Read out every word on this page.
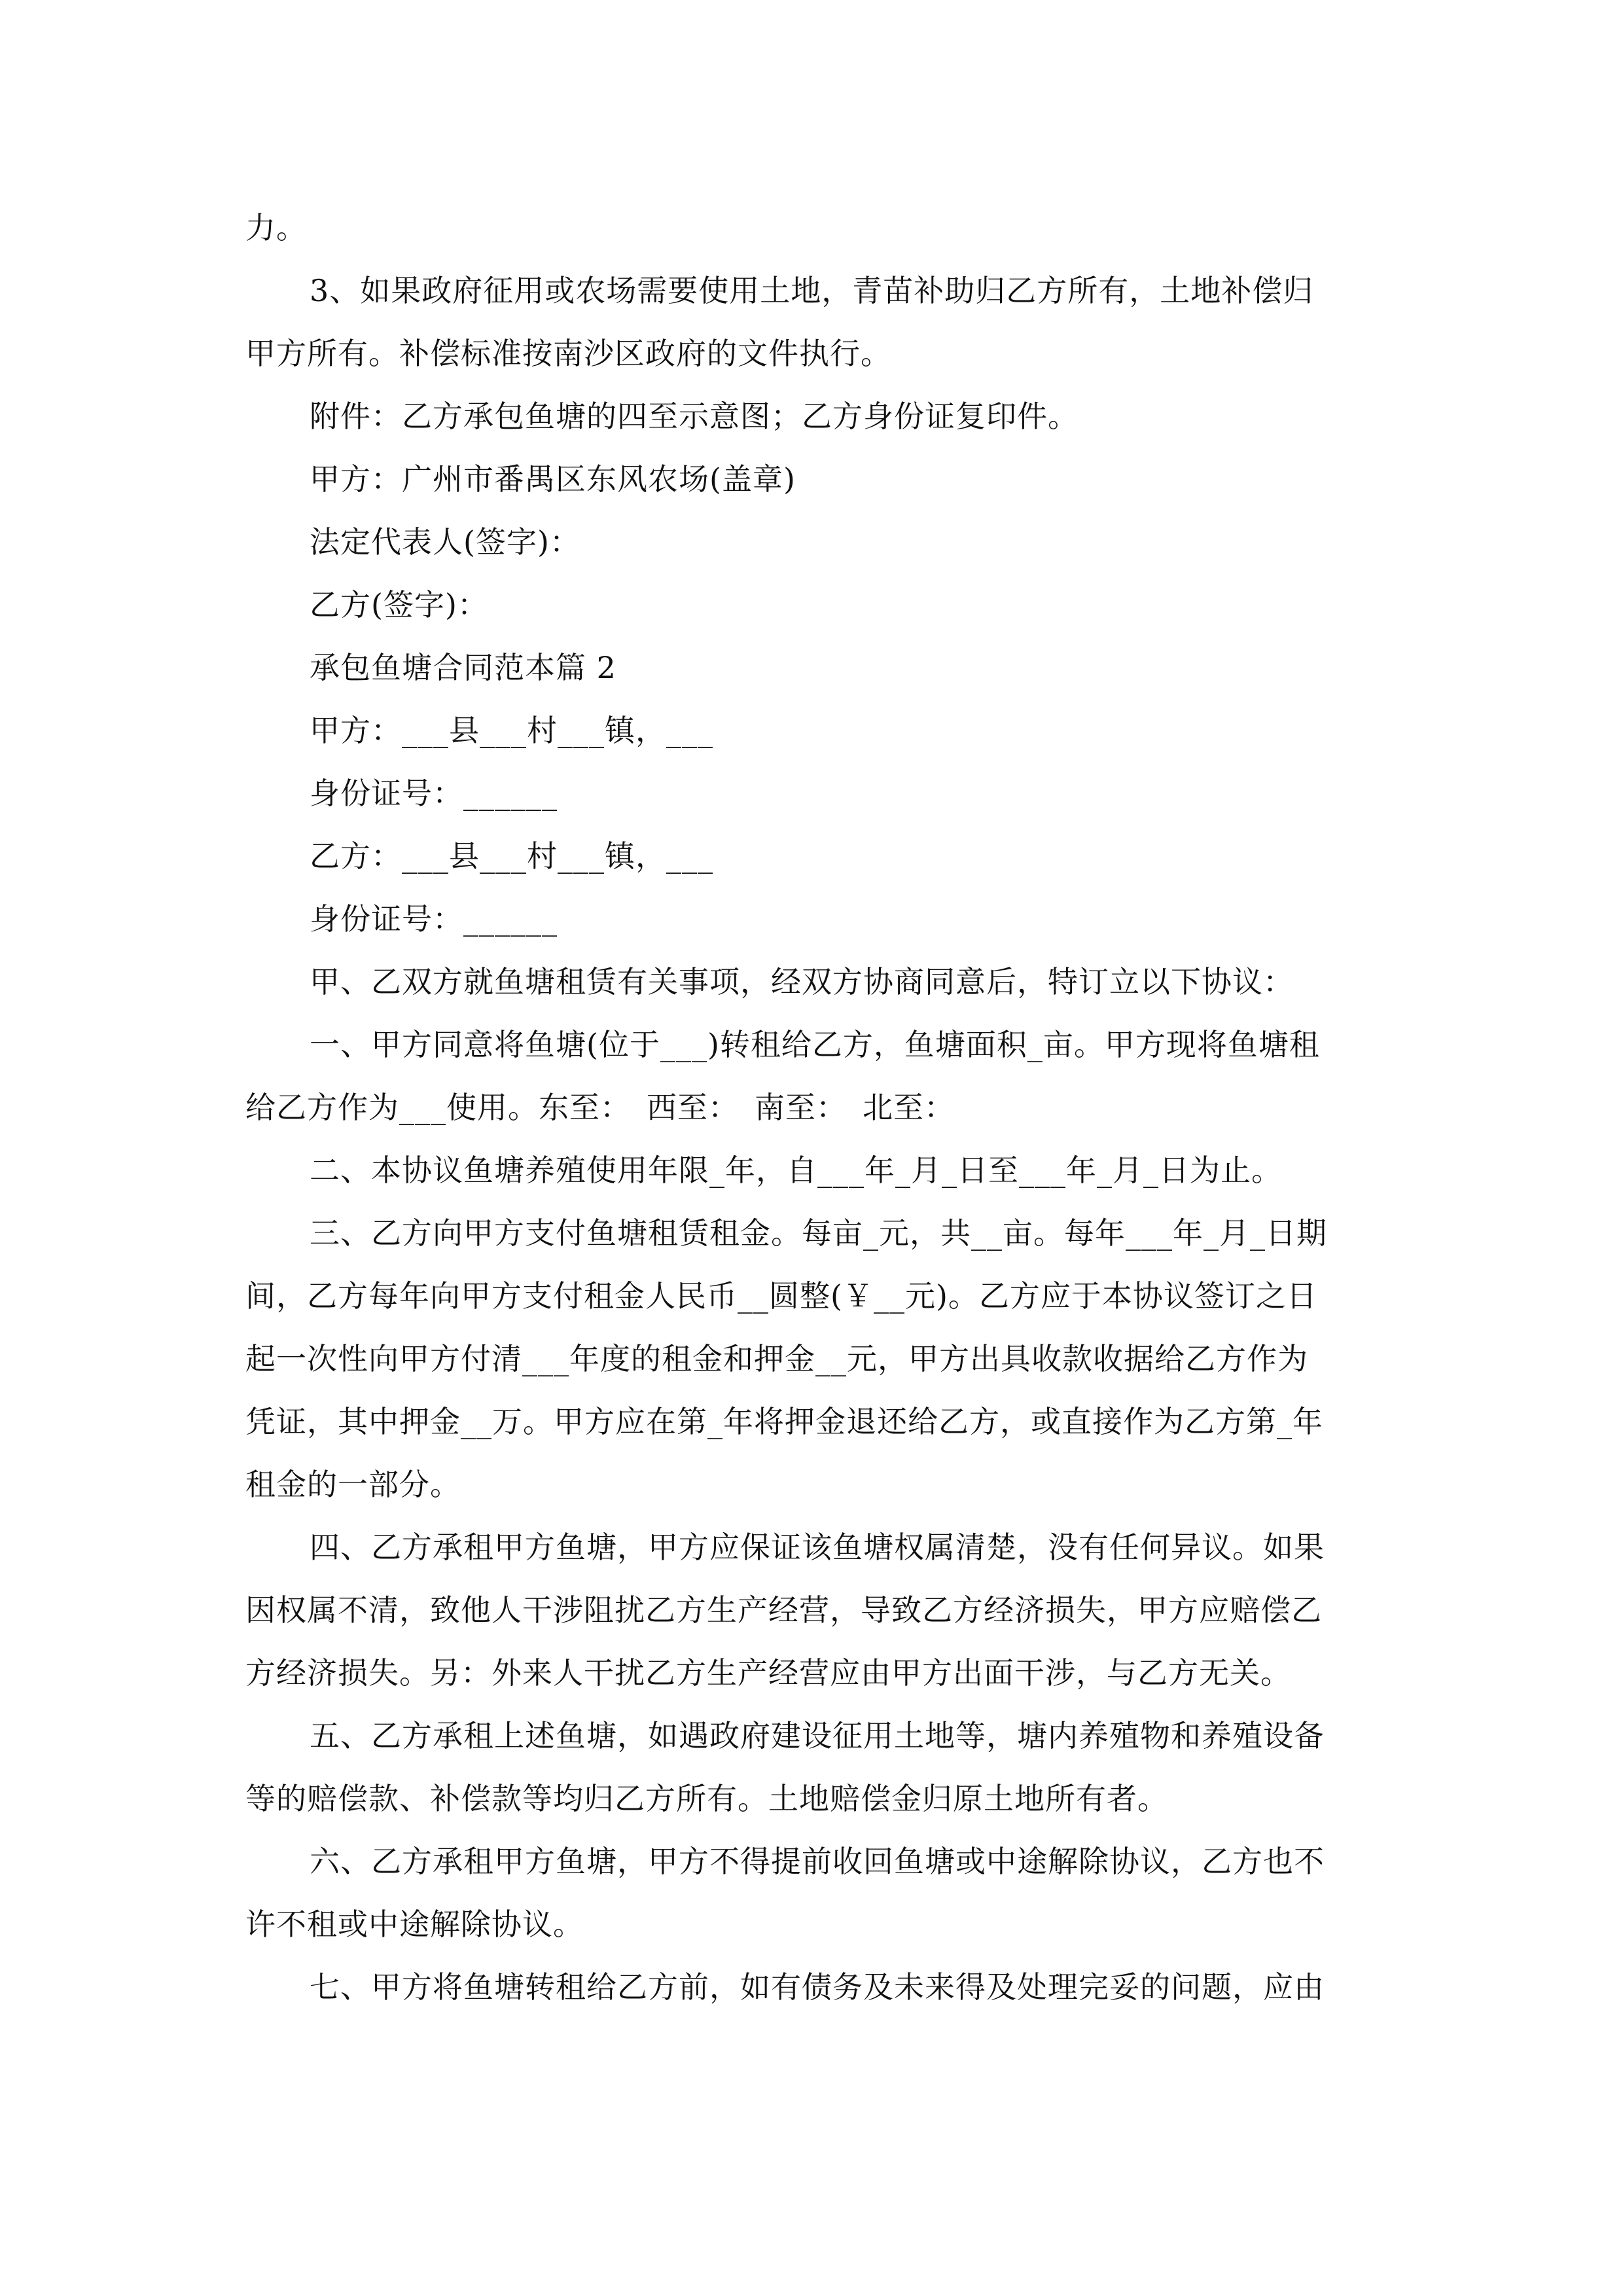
力。

3、如果政府征用或农场需要使用土地，青苗补助归乙方所有，土地补偿归

甲方所有。补偿标准按南沙区政府的文件执行。

附件：乙方承包鱼塘的四至示意图；乙方身份证复印件。

甲方：广州市番禺区东风农场(盖章)

法定代表人(签字)：

乙方(签字)：

承包鱼塘合同范本篇 2

甲方：___县___村___镇，___

身份证号：______

乙方：___县___村___镇，___

身份证号：______

甲、乙双方就鱼塘租赁有关事项，经双方协商同意后，特订立以下协议：

一、甲方同意将鱼塘(位于___)转租给乙方，鱼塘面积_亩。甲方现将鱼塘租

给乙方作为___使用。东至：　西至：　南至：　北至：

二、本协议鱼塘养殖使用年限_年，自___年_月_日至___年_月_日为止。

三、乙方向甲方支付鱼塘租赁租金。每亩_元，共__亩。每年___年_月_日期

间，乙方每年向甲方支付租金人民币__圆整(￥__元)。乙方应于本协议签订之日

起一次性向甲方付清___年度的租金和押金__元，甲方出具收款收据给乙方作为

凭证，其中押金__万。甲方应在第_年将押金退还给乙方，或直接作为乙方第_年

租金的一部分。

四、乙方承租甲方鱼塘，甲方应保证该鱼塘权属清楚，没有任何异议。如果

因权属不清，致他人干涉阻扰乙方生产经营，导致乙方经济损失，甲方应赔偿乙

方经济损失。另：外来人干扰乙方生产经营应由甲方出面干涉，与乙方无关。

五、乙方承租上述鱼塘，如遇政府建设征用土地等，塘内养殖物和养殖设备

等的赔偿款、补偿款等均归乙方所有。土地赔偿金归原土地所有者。

六、乙方承租甲方鱼塘，甲方不得提前收回鱼塘或中途解除协议，乙方也不

许不租或中途解除协议。

七、甲方将鱼塘转租给乙方前，如有债务及未来得及处理完妥的问题，应由
